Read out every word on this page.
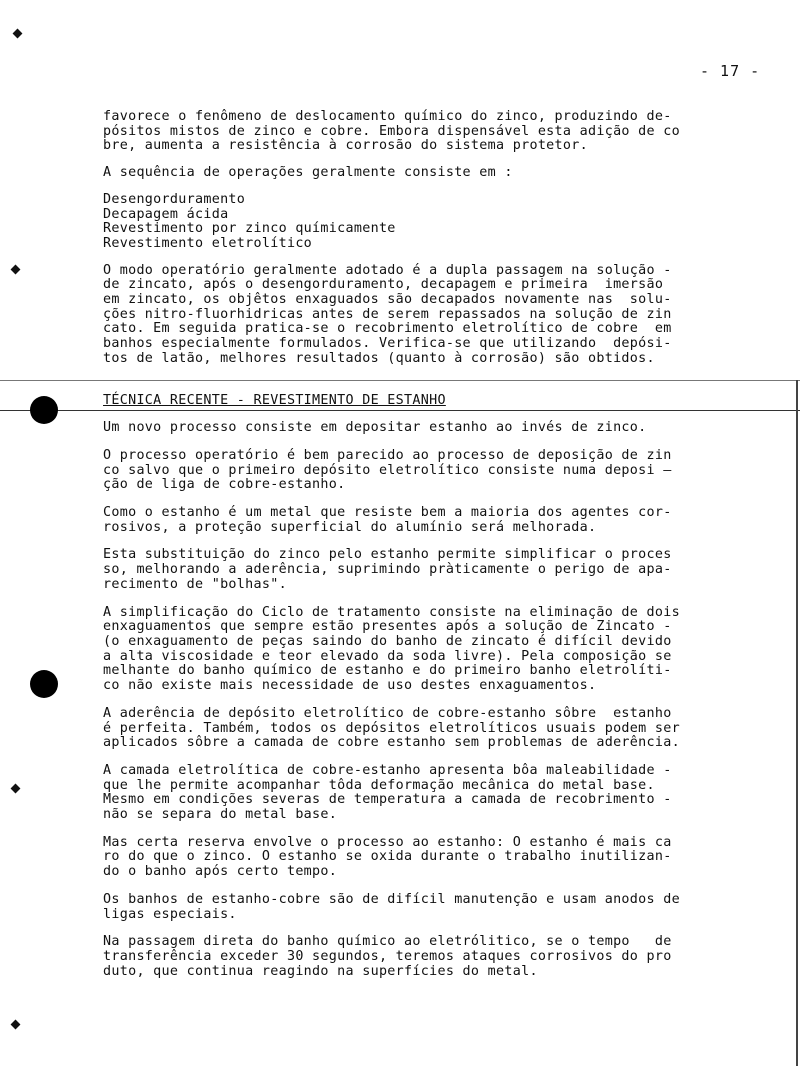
- 17 -

favorece o fenômeno de deslocamento químico do zinco, produzindo de-

pósitos mistos de zinco e cobre. Embora dispensável esta adição de co

bre, aumenta a resistência à corrosão do sistema protetor.

A sequência de operações geralmente consiste em :

Desengorduramento

Decapagem ácida

Revestimento por zinco químicamente

Revestimento eletrolítico

O modo operatório geralmente adotado é a dupla passagem na solução -

de zincato, após o desengorduramento, decapagem e primeira  imersão

em zincato, os objêtos enxaguados são decapados novamente nas  solu-

ções nitro-fluorhidricas antes de serem repassados na solução de zin

cato. Em seguida pratica-se o recobrimento eletrolítico de cobre  em

banhos especialmente formulados. Verifica-se que utilizando  depósi-

tos de latão, melhores resultados (quanto à corrosão) são obtidos.

TÉCNICA RECENTE - REVESTIMENTO DE ESTANHO

Um novo processo consiste em depositar estanho ao invés de zinco.

O processo operatório é bem parecido ao processo de deposição de zin

co salvo que o primeiro depósito eletrolítico consiste numa deposi —

ção de liga de cobre-estanho.

Como o estanho é um metal que resiste bem a maioria dos agentes cor-

rosivos, a proteção superficial do alumínio será melhorada.

Esta substituição do zinco pelo estanho permite simplificar o proces

so, melhorando a aderência, suprimindo pràticamente o perigo de apa-

recimento de "bolhas".

A simplificação do Ciclo de tratamento consiste na eliminação de dois

enxaguamentos que sempre estão presentes após a solução de Zincato -

(o enxaguamento de peças saindo do banho de zincato é difícil devido

a alta viscosidade e teor elevado da soda livre). Pela composição se

melhante do banho químico de estanho e do primeiro banho eletrolíti-

co não existe mais necessidade de uso destes enxaguamentos.

A aderência de depósito eletrolítico de cobre-estanho sôbre  estanho

é perfeita. Também, todos os depósitos eletrolíticos usuais podem ser

aplicados sôbre a camada de cobre estanho sem problemas de aderência.

A camada eletrolítica de cobre-estanho apresenta bôa maleabilidade -

que lhe permite acompanhar tôda deformação mecânica do metal base.

Mesmo em condições severas de temperatura a camada de recobrimento -

não se separa do metal base.

Mas certa reserva envolve o processo ao estanho: O estanho é mais ca

ro do que o zinco. O estanho se oxida durante o trabalho inutilizan-

do o banho após certo tempo.

Os banhos de estanho-cobre são de difícil manutenção e usam anodos de

ligas especiais.

Na passagem direta do banho químico ao eletrólitico, se o tempo   de

transferência exceder 30 segundos, teremos ataques corrosivos do pro

duto, que continua reagindo na superfícies do metal.
